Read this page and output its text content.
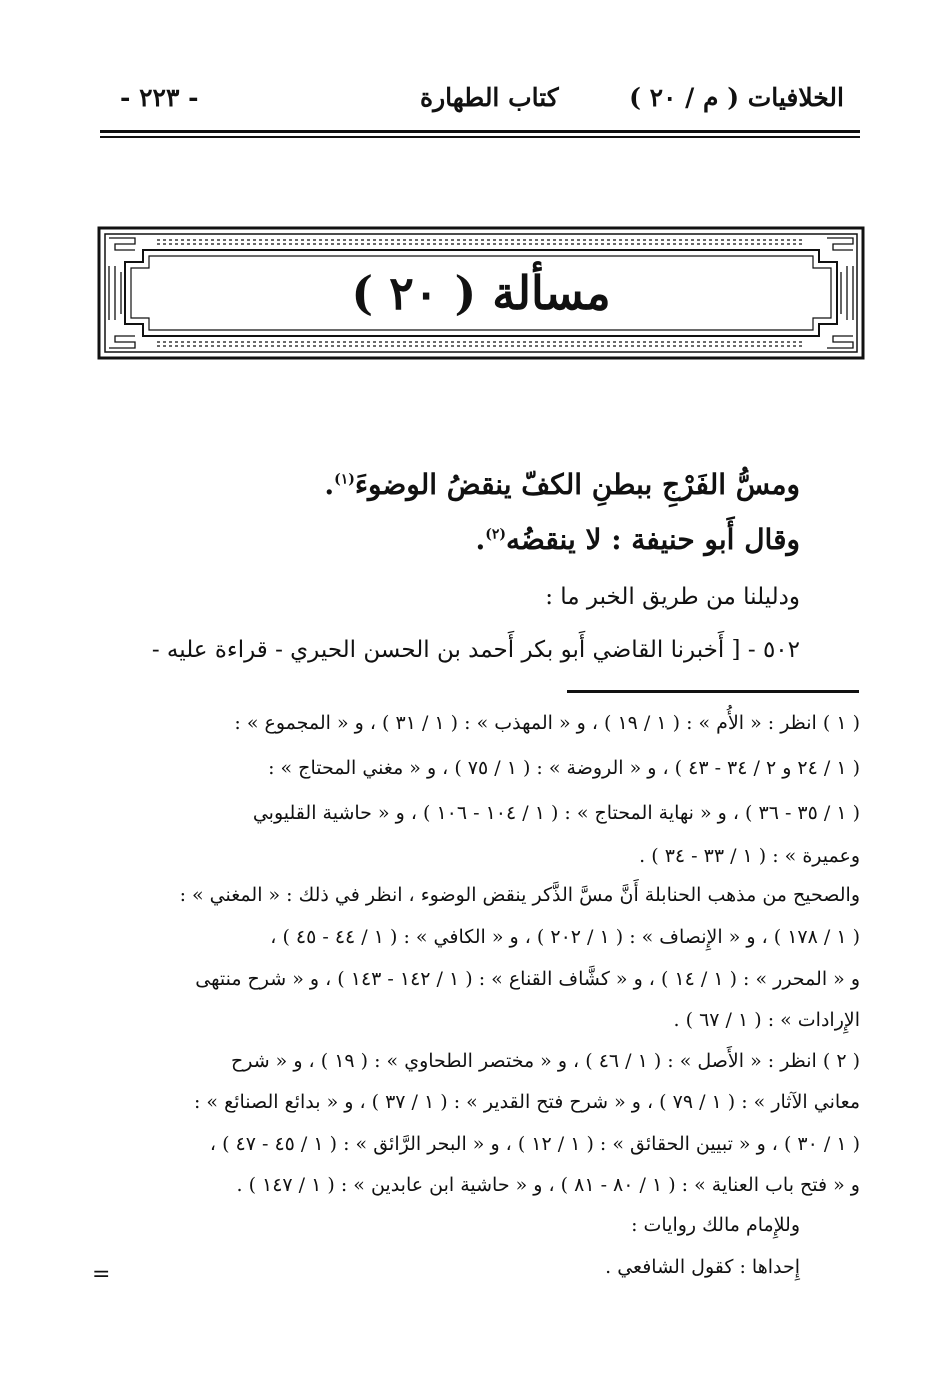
- ٢٢٣ -	كتاب الطهارة	الخلافيات ( م / ٢٠ )
مسألة ( ٢٠ )
ومسُّ الفَرْجِ ببطنِ الكفّ ينقضُ الوضوءَ$^{(١)}$.
وقال أَبو حنيفة : لا ينقضُه$^{(٢)}$.
ودليلنا من طريق الخبر ما :
٥٠٢ - [ أَخبرنا القاضي أَبو بكر أَحمد بن الحسن الحيري - قراءة عليه -
( ١ ) انظر : « الأُم » : ( ١ / ١٩ ) ، و « المهذب » : ( ١ / ٣١ ) ، و « المجموع » :
( ١ / ٢٤ و ٢ / ٣٤ - ٤٣ ) ، و « الروضة » : ( ١ / ٧٥ ) ، و « مغني المحتاج » :
( ١ / ٣٥ - ٣٦ ) ، و « نهاية المحتاج » : ( ١ / ١٠٤ - ١٠٦ ) ، و « حاشية القليوبي
وعميرة » : ( ١ / ٣٣ - ٣٤ ) .
والصحيح من مذهب الحنابلة أَنَّ مسَّ الذَّكر ينقض الوضوء ، انظر في ذلك : « المغني » :
( ١ / ١٧٨ ) ، و « الإِنصاف » : ( ١ / ٢٠٢ ) ، و « الكافي » : ( ١ / ٤٤ - ٤٥ ) ،
و « المحرر » : ( ١ / ١٤ ) ، و « كشَّاف القناع » : ( ١ / ١٤٢ - ١٤٣ ) ، و « شرح منتهى
الإِرادات » : ( ١ / ٦٧ ) .
( ٢ ) انظر : « الأَصل » : ( ١ / ٤٦ ) ، و « مختصر الطحاوي » : ( ١٩ ) ، و « شرح
معاني الآثار » : ( ١ / ٧٩ ) ، و « شرح فتح القدير » : ( ١ / ٣٧ ) ، و « بدائع الصنائع » :
( ١ / ٣٠ ) ، و « تبيين الحقائق » : ( ١ / ١٢ ) ، و « البحر الرَّائق » : ( ١ / ٤٥ - ٤٧ ) ،
و « فتح باب العناية » : ( ١ / ٨٠ - ٨١ ) ، و « حاشية ابن عابدين » : ( ١ / ١٤٧ ) .
وللإِمام مالك روايات :
إِحداها : كقول الشافعي .
=
